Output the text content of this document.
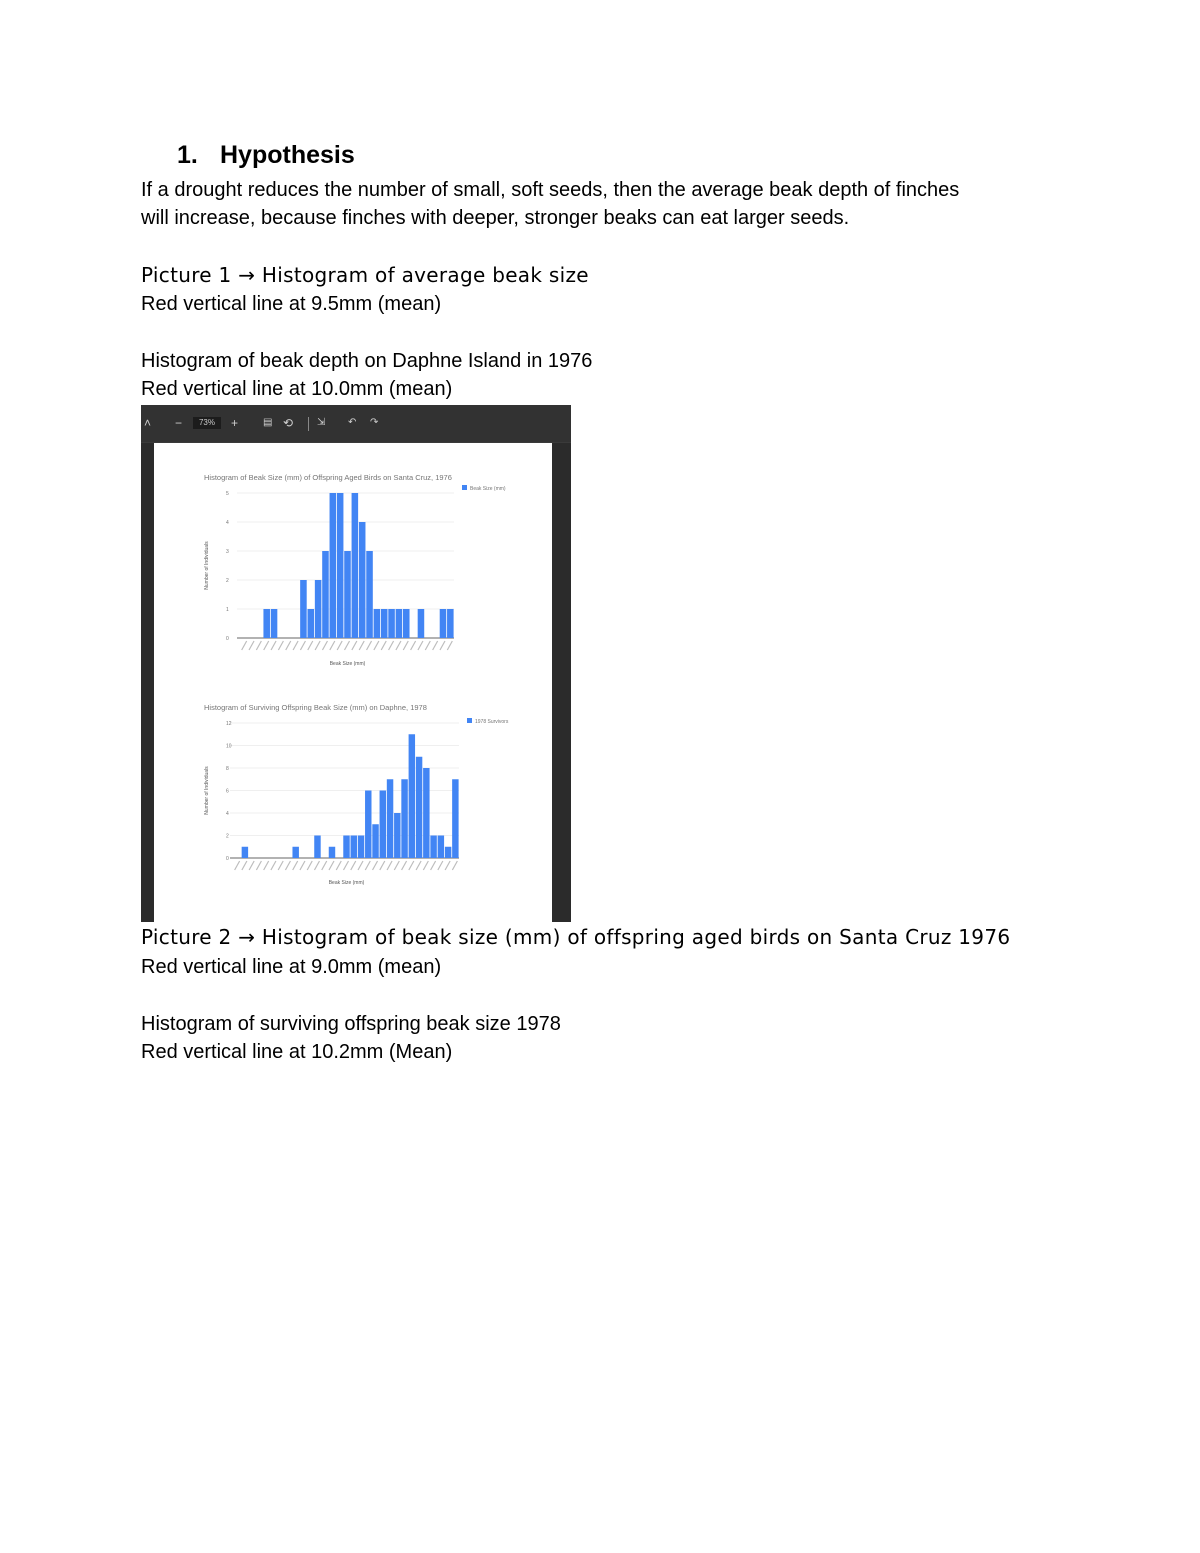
1. Hypothesis
If a drought reduces the number of small, soft seeds, then the average beak depth of finches
will increase, because finches with deeper, stronger beaks can eat larger seeds.
Picture 1 → Histogram of average beak size
Red vertical line at 9.5mm (mean)
Histogram of beak depth on Daphne Island in 1976
Red vertical line at 10.0mm (mean)
˄ −	73%	+ ▤ ⟲ ⇲ ↶ ↷
Histogram of Beak Size (mm) of Offspring Aged Birds on Santa Cruz, 1976
Beak Size (mm)
0
1
2
3
4
5
Number of Individuals
Beak Size (mm)
Histogram of Surviving Offspring Beak Size (mm) on Daphne, 1978
1978 Survivors
0
2
4
6
8
10
12
Number of Individuals
Beak Size (mm)
Picture 2 → Histogram of beak size (mm) of offspring aged birds on Santa Cruz 1976
Red vertical line at 9.0mm (mean)
Histogram of surviving offspring beak size 1978
Red vertical line at 10.2mm (Mean)
